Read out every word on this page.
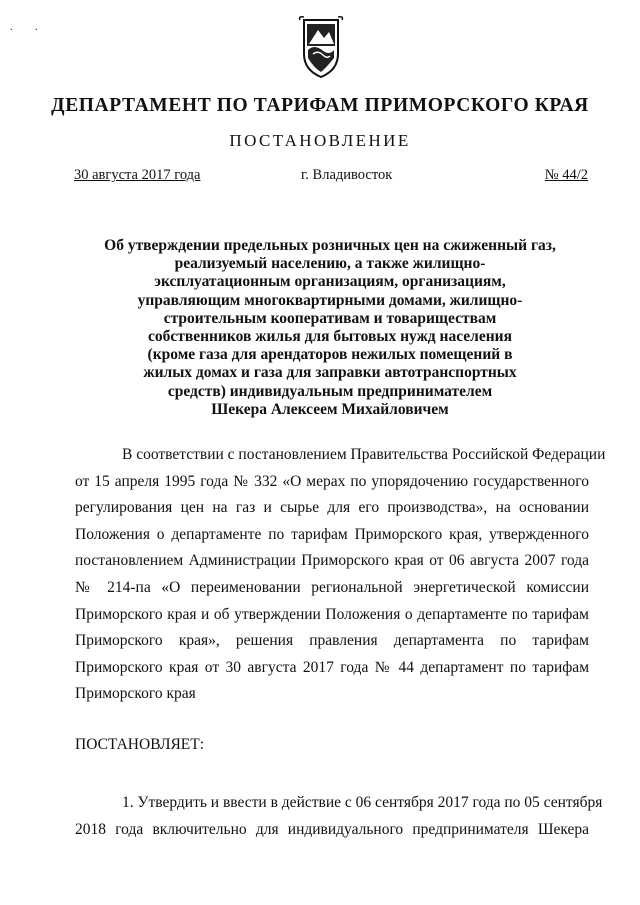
. .
ДЕПАРТАМЕНТ ПО ТАРИФАМ ПРИМОРСКОГО КРАЯ
ПОСТАНОВЛЕНИЕ
30 августа 2017 года	г. Владивосток	№ 44/2
Об утверждении предельных розничных цен на сжиженный газ,
реализуемый населению, а также жилищно-
эксплуатационным организациям, организациям,
управляющим многоквартирными домами, жилищно-
строительным кооперативам и товариществам
собственников жилья для бытовых нужд населения
(кроме газа для арендаторов нежилых помещений в
жилых домах и газа для заправки автотранспортных
средств) индивидуальным предпринимателем
Шекера Алексеем Михайловичем
В соответствии с постановлением Правительства Российской Федерации
от 15 апреля 1995 года № 332 «О мерах по упорядочению государственного
регулирования цен на газ и сырье для его производства», на основании
Положения о департаменте по тарифам Приморского края, утвержденного
постановлением Администрации Приморского края от 06 августа 2007 года
№ 214-па «О переименовании региональной энергетической комиссии
Приморского края и об утверждении Положения о департаменте по тарифам
Приморского края», решения правления департамента по тарифам
Приморского края от 30 августа 2017 года № 44 департамент по тарифам
Приморского края
ПОСТАНОВЛЯЕТ:
1. Утвердить и ввести в действие с 06 сентября 2017 года по 05 сентября
2018 года включительно для индивидуального предпринимателя Шекера
